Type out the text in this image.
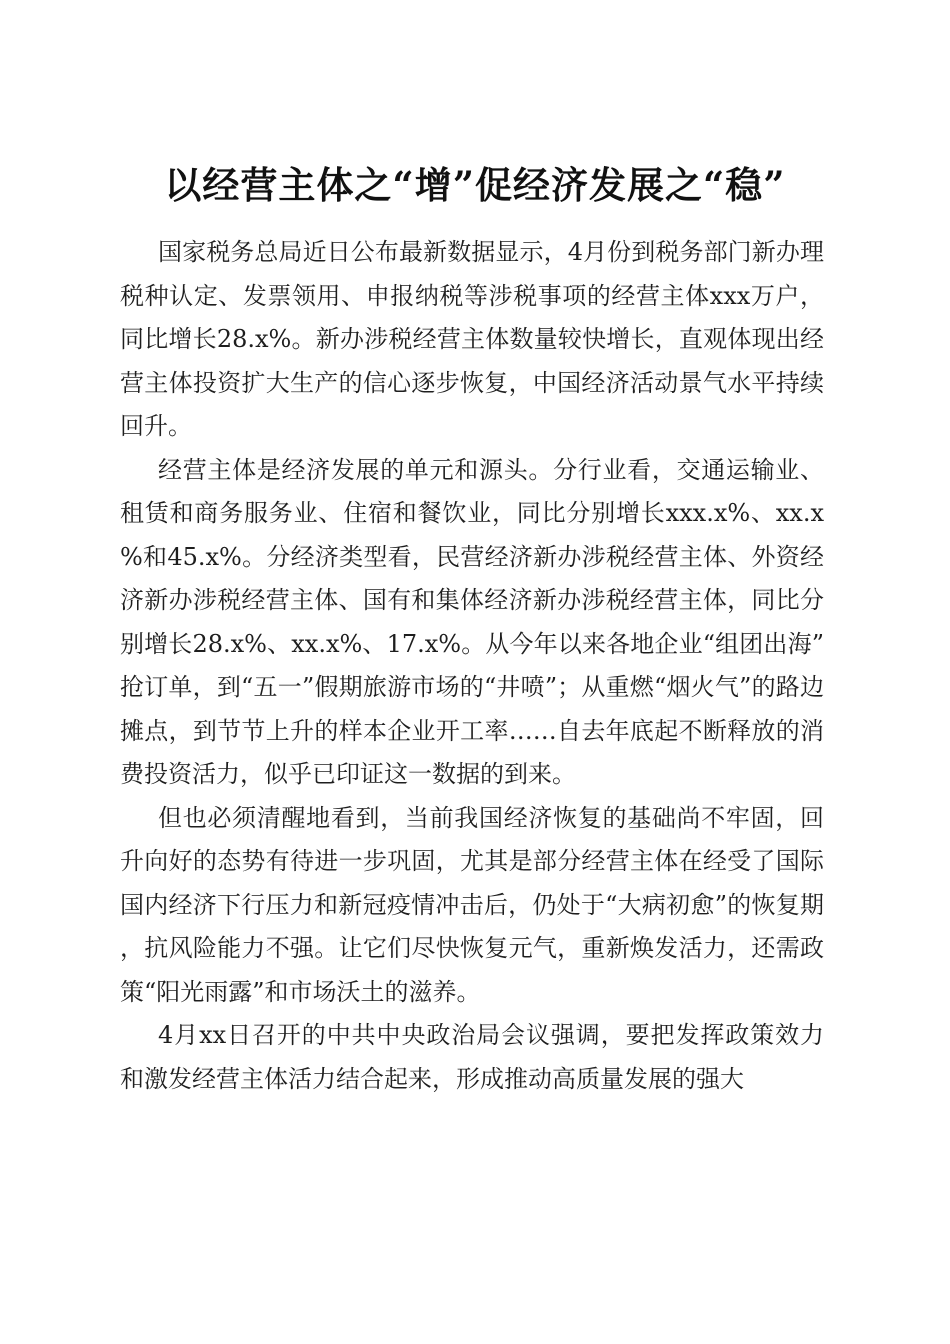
以经营主体之“增”促经济发展之“稳”

国家税务总局近日公布最新数据显示，4月份到税务部门新办理税种认定、发票领用、申报纳税等涉税事项的经营主体xxx万户，同比增长28.x%。新办涉税经营主体数量较快增长，直观体现出经营主体投资扩大生产的信心逐步恢复，中国经济活动景气水平持续回升。

经营主体是经济发展的单元和源头。分行业看，交通运输业、租赁和商务服务业、住宿和餐饮业，同比分别增长xxx.x%、xx.x%和45.x%。分经济类型看，民营经济新办涉税经营主体、外资经济新办涉税经营主体、国有和集体经济新办涉税经营主体，同比分别增长28.x%、xx.x%、17.x%。从今年以来各地企业“组团出海”抢订单，到“五一”假期旅游市场的“井喷”；从重燃“烟火气”的路边摊点，到节节上升的样本企业开工率……自去年底起不断释放的消费投资活力，似乎已印证这一数据的到来。

但也必须清醒地看到，当前我国经济恢复的基础尚不牢固，回升向好的态势有待进一步巩固，尤其是部分经营主体在经受了国际国内经济下行压力和新冠疫情冲击后，仍处于“大病初愈”的恢复期，抗风险能力不强。让它们尽快恢复元气，重新焕发活力，还需政策“阳光雨露”和市场沃土的滋养。

4月xx日召开的中共中央政治局会议强调，要把发挥政策效力和激发经营主体活力结合起来，形成推动高质量发展的强大
